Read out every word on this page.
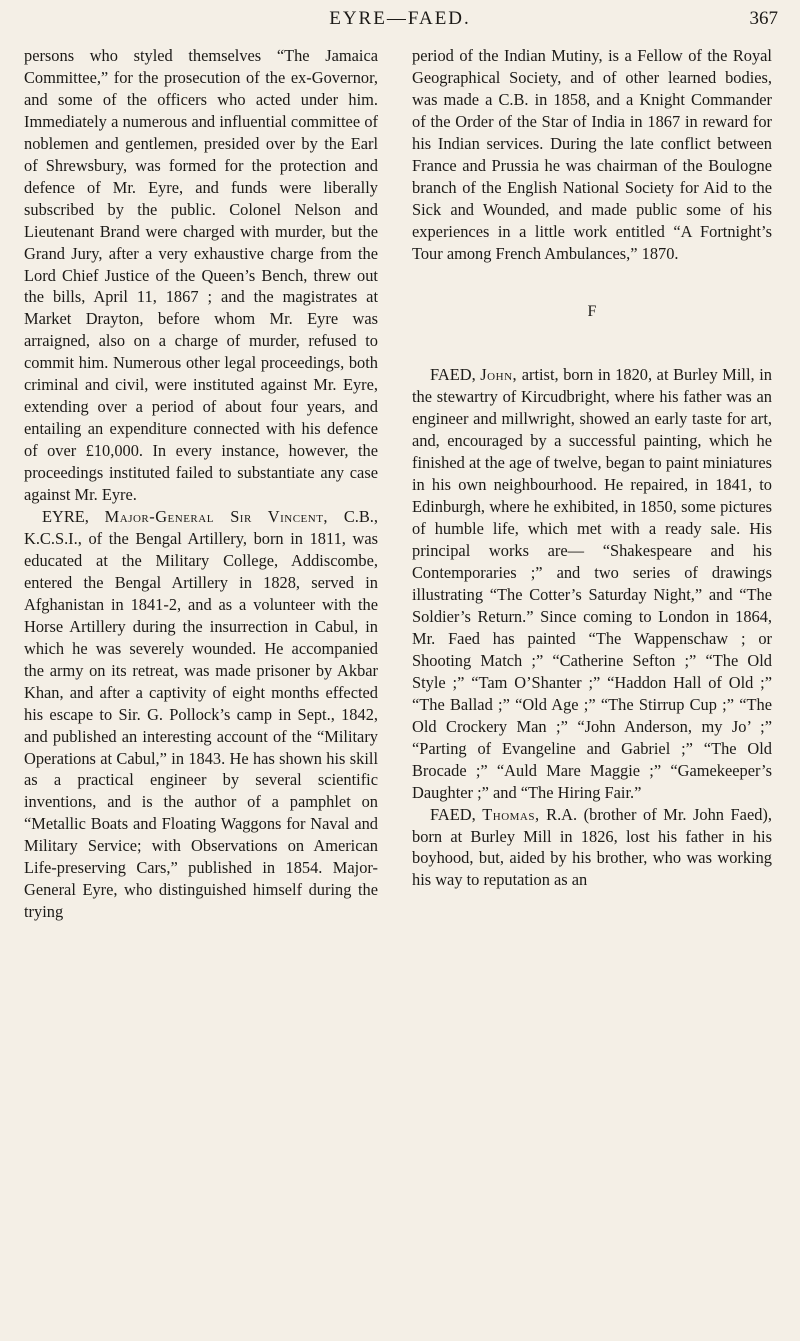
EYRE—FAED.	367

persons who styled themselves “The Jamaica Committee,” for the prosecution of the ex-Governor, and some of the officers who acted under him. Immediately a numerous and influential committee of noblemen and gentlemen, presided over by the Earl of Shrewsbury, was formed for the protection and defence of Mr. Eyre, and funds were liberally subscribed by the public. Colonel Nelson and Lieutenant Brand were charged with murder, but the Grand Jury, after a very exhaustive charge from the Lord Chief Justice of the Queen’s Bench, threw out the bills, April 11, 1867 ; and the magistrates at Market Drayton, before whom Mr. Eyre was arraigned, also on a charge of murder, refused to commit him. Numerous other legal proceedings, both criminal and civil, were instituted against Mr. Eyre, extending over a period of about four years, and entailing an expenditure connected with his defence of over £10,000. In every instance, however, the proceedings instituted failed to substantiate any case against Mr. Eyre.

EYRE, Major-General Sir Vincent, C.B., K.C.S.I., of the Bengal Artillery, born in 1811, was educated at the Military College, Addiscombe, entered the Bengal Artillery in 1828, served in Afghanistan in 1841-2, and as a volunteer with the Horse Artillery during the insurrection in Cabul, in which he was severely wounded. He accompanied the army on its retreat, was made prisoner by Akbar Khan, and after a captivity of eight months effected his escape to Sir. G. Pollock’s camp in Sept., 1842, and published an interesting account of the “Military Operations at Cabul,” in 1843. He has shown his skill as a practical engineer by several scientific inventions, and is the author of a pamphlet on “Metallic Boats and Floating Waggons for Naval and Military Service; with Observations on American Life-preserving Cars,” published in 1854. Major-General Eyre, who distinguished himself during the trying

period of the Indian Mutiny, is a Fellow of the Royal Geographical Society, and of other learned bodies, was made a C.B. in 1858, and a Knight Commander of the Order of the Star of India in 1867 in reward for his Indian services. During the late conflict between France and Prussia he was chairman of the Boulogne branch of the English National Society for Aid to the Sick and Wounded, and made public some of his experiences in a little work entitled “A Fortnight’s Tour among French Ambulances,” 1870.

F

FAED, John, artist, born in 1820, at Burley Mill, in the stewartry of Kircudbright, where his father was an engineer and millwright, showed an early taste for art, and, encouraged by a successful painting, which he finished at the age of twelve, began to paint miniatures in his own neighbourhood. He repaired, in 1841, to Edinburgh, where he exhibited, in 1850, some pictures of humble life, which met with a ready sale. His principal works are— “Shakespeare and his Contemporaries ;” and two series of drawings illustrating “The Cotter’s Saturday Night,” and “The Soldier’s Return.” Since coming to London in 1864, Mr. Faed has painted “The Wappenschaw ; or Shooting Match ;” “Catherine Sefton ;” “The Old Style ;” “Tam O’Shanter ;” “Haddon Hall of Old ;” “The Ballad ;” “Old Age ;” “The Stirrup Cup ;” “The Old Crockery Man ;” “John Anderson, my Jo’ ;” “Parting of Evangeline and Gabriel ;” “The Old Brocade ;” “Auld Mare Maggie ;” “Gamekeeper’s Daughter ;” and “The Hiring Fair.”

FAED, Thomas, R.A. (brother of Mr. John Faed), born at Burley Mill in 1826, lost his father in his boyhood, but, aided by his brother, who was working his way to reputation as an
